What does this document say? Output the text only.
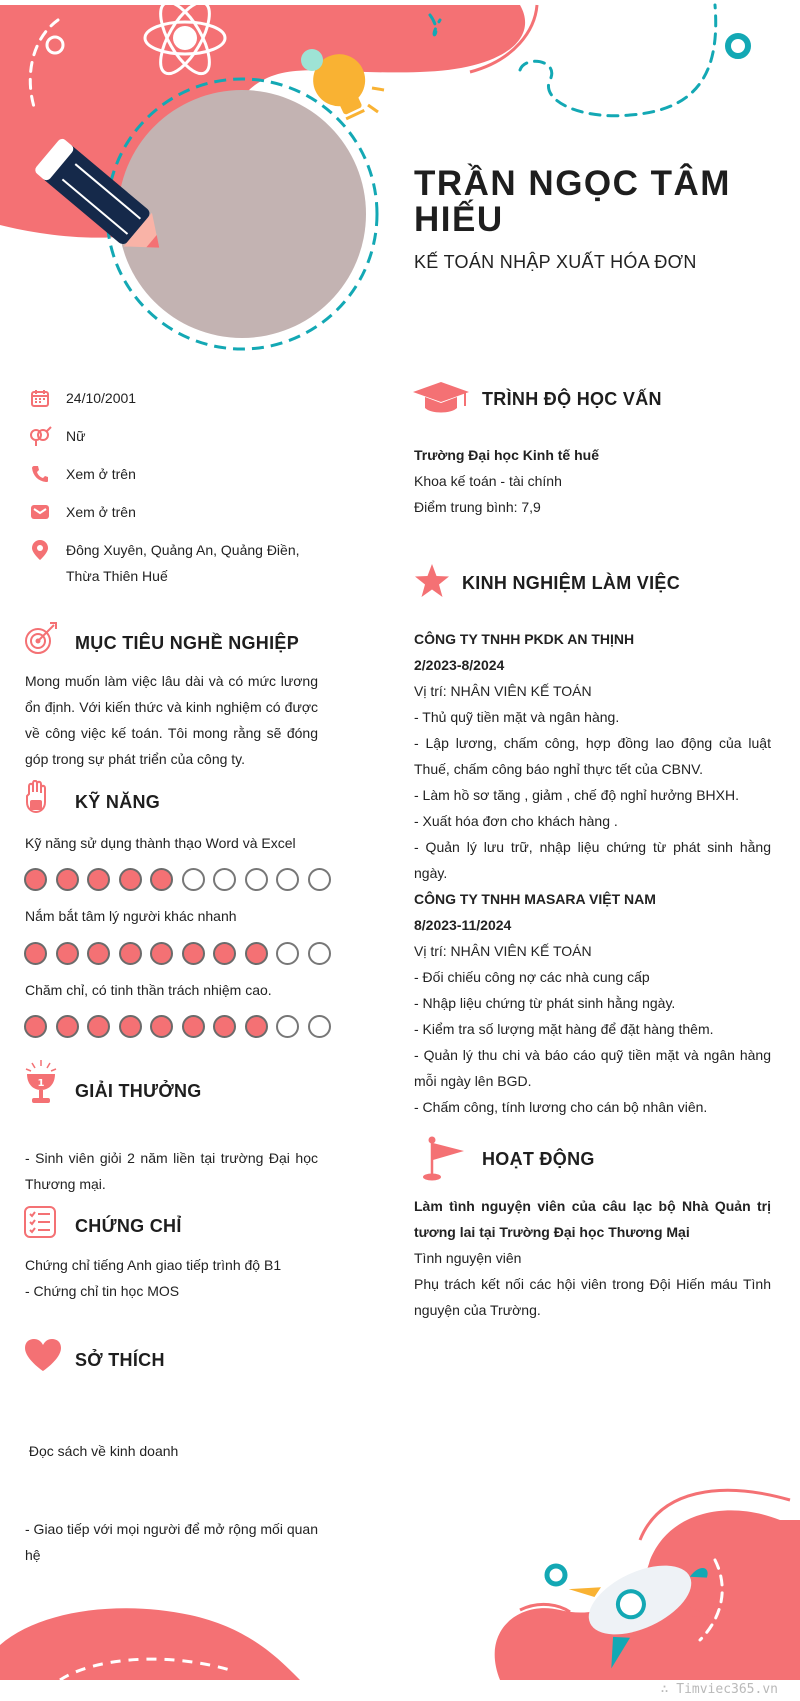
TRẦN NGỌC TÂM HIẾU
KẾ TOÁN NHẬP XUẤT HÓA ĐƠN
24/10/2001
Nữ
Xem ở trên
Xem ở trên
Đông Xuyên, Quảng An, Quảng Điền, Thừa Thiên Huế
MỤC TIÊU NGHỀ NGHIỆP
Mong muốn làm việc lâu dài và có mức lương ổn định. Với kiến thức và kinh nghiệm có được về công việc kế toán. Tôi mong rằng sẽ đóng góp trong sự phát triển của công ty.
KỸ NĂNG
Kỹ năng sử dụng thành thạo Word và Excel
Nắm bắt tâm lý người khác nhanh
Chăm chỉ, có tinh thần trách nhiệm cao.
1 GIẢI THƯỞNG
- Sinh viên giỏi 2 năm liền tại trường Đại học Thương mại.
CHỨNG CHỈ
Chứng chỉ tiếng Anh giao tiếp trình độ B1
- Chứng chỉ tin học MOS
SỞ THÍCH

Đọc sách về kinh doanh

- Giao tiếp với mọi người để mở rộng mối quan hệ

TRÌNH ĐỘ HỌC VẤN
Trường Đại học Kinh tế huế
Khoa kế toán - tài chính
Điểm trung bình: 7,9
KINH NGHIỆM LÀM VIỆC
CÔNG TY TNHH PKDK AN THỊNH
2/2023-8/2024
Vị trí: NHÂN VIÊN KẾ TOÁN
- Thủ quỹ tiền mặt và ngân hàng.
- Lập lương, chấm công, hợp đồng lao động của luật Thuế, chấm công báo nghỉ thực tết của CBNV.
- Làm hồ sơ tăng , giảm , chế độ nghỉ hưởng BHXH.
- Xuất hóa đơn cho khách hàng .
- Quản lý lưu trữ, nhập liệu chứng từ phát sinh hằng ngày.
CÔNG TY TNHH MASARA VIỆT NAM
8/2023-11/2024
Vị trí: NHÂN VIÊN KẾ TOÁN
- Đối chiếu công nợ các nhà cung cấp
- Nhập liệu chứng từ phát sinh hằng ngày.
- Kiểm tra số lượng mặt hàng để đặt hàng thêm.
- Quản lý thu chi và báo cáo quỹ tiền mặt và ngân hàng mỗi ngày lên BGD.
- Chấm công, tính lương cho cán bộ nhân viên.
HOẠT ĐỘNG
Làm tình nguyện viên của câu lạc bộ Nhà Quản trị tương lai tại Trường Đại học Thương Mại
Tình nguyện viên
Phụ trách kết nối các hội viên trong Đội Hiến máu Tình nguyện của Trường.
∴ Timviec365.vn
